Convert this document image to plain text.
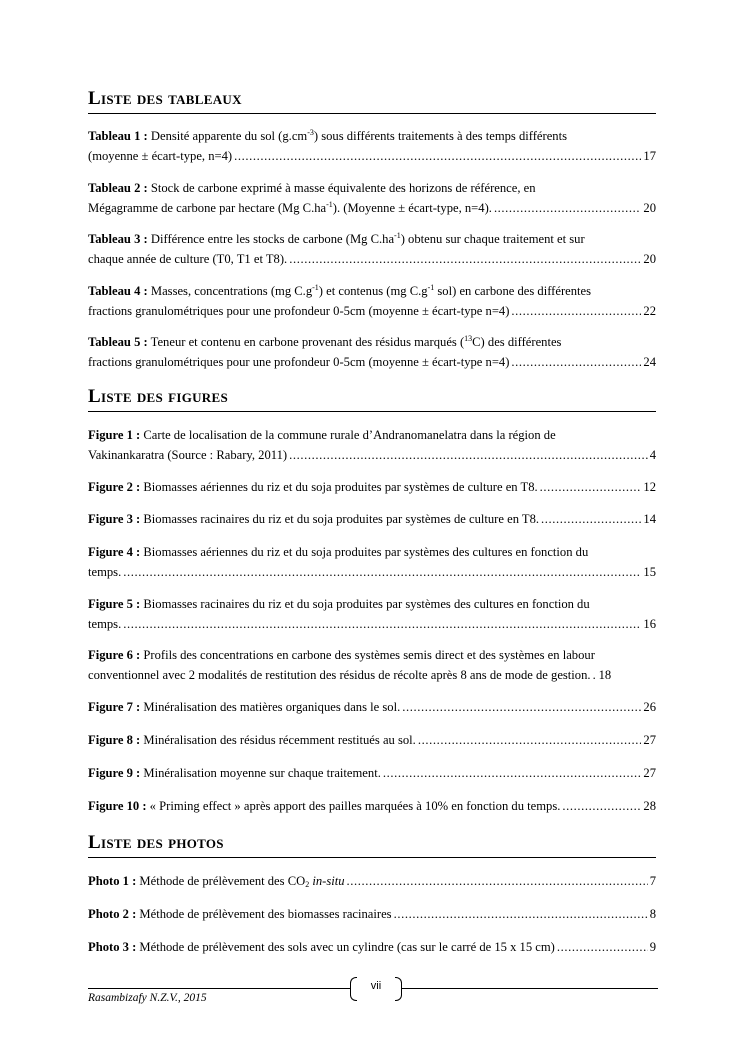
Liste des tableaux
Tableau 1 : Densité apparente du sol $(g.cm^{-3})$ sous différents traitements à des temps différents
(moyenne ± écart-type, n=4) .....	17
Tableau 2 : Stock de carbone exprimé à masse équivalente des horizons de référence, en
Mégagramme de carbone par hectare (Mg $C.ha^{-1}$). (Moyenne ± écart-type, n=4). .....	20
Tableau 3 : Différence entre les stocks de carbone (Mg $C.ha^{-1}$) obtenu sur chaque traitement et sur
chaque année de culture (T0, T1 et T8). .....	20
Tableau 4 : Masses, concentrations (mg $C.g^{-1}$) et contenus (mg $C.g^{-1}$ sol) en carbone des différentes
fractions granulométriques pour une profondeur 0-5cm (moyenne ± écart-type n=4) .....	22
Tableau 5 : Teneur et contenu en carbone provenant des résidus marqués ($^{13}$C) des différentes
fractions granulométriques pour une profondeur 0-5cm (moyenne ± écart-type n=4) .....	24
Liste des figures
Figure 1 : Carte de localisation de la commune rurale d’Andranomanelatra dans la région de
Vakinankaratra (Source : Rabary, 2011) .....	4
Figure 2 : Biomasses aériennes du riz et du soja produites par systèmes de culture en T8. .....	12
Figure 3 : Biomasses racinaires du riz et du soja produites par systèmes de culture en T8. .....	14
Figure 4 : Biomasses aériennes du riz et du soja produites par systèmes des cultures en fonction du
temps. .....	15
Figure 5 : Biomasses racinaires du riz et du soja produites par systèmes des cultures en fonction du
temps. .....	16
Figure 6 : Profils des concentrations en carbone des systèmes semis direct et des systèmes en labour
conventionnel avec 2 modalités de restitution des résidus de récolte après 8 ans de mode de gestion. ..... 18
Figure 7 : Minéralisation des matières organiques dans le sol. .....	26
Figure 8 : Minéralisation des résidus récemment restitués au sol. .....	27
Figure 9 : Minéralisation moyenne sur chaque traitement. .....	27
Figure 10 : « Priming effect » après apport des pailles marquées à 10% en fonction du temps. .....	28
Liste des photos
Photo 1 : Méthode de prélèvement des $CO_2$ in-situ .....	7
Photo 2 : Méthode de prélèvement des biomasses racinaires .....	8
Photo 3 : Méthode de prélèvement des sols avec un cylindre (cas sur le carré de 15 x 15 cm) .....	9
vii
Rasambizafy N.Z.V., 2015
